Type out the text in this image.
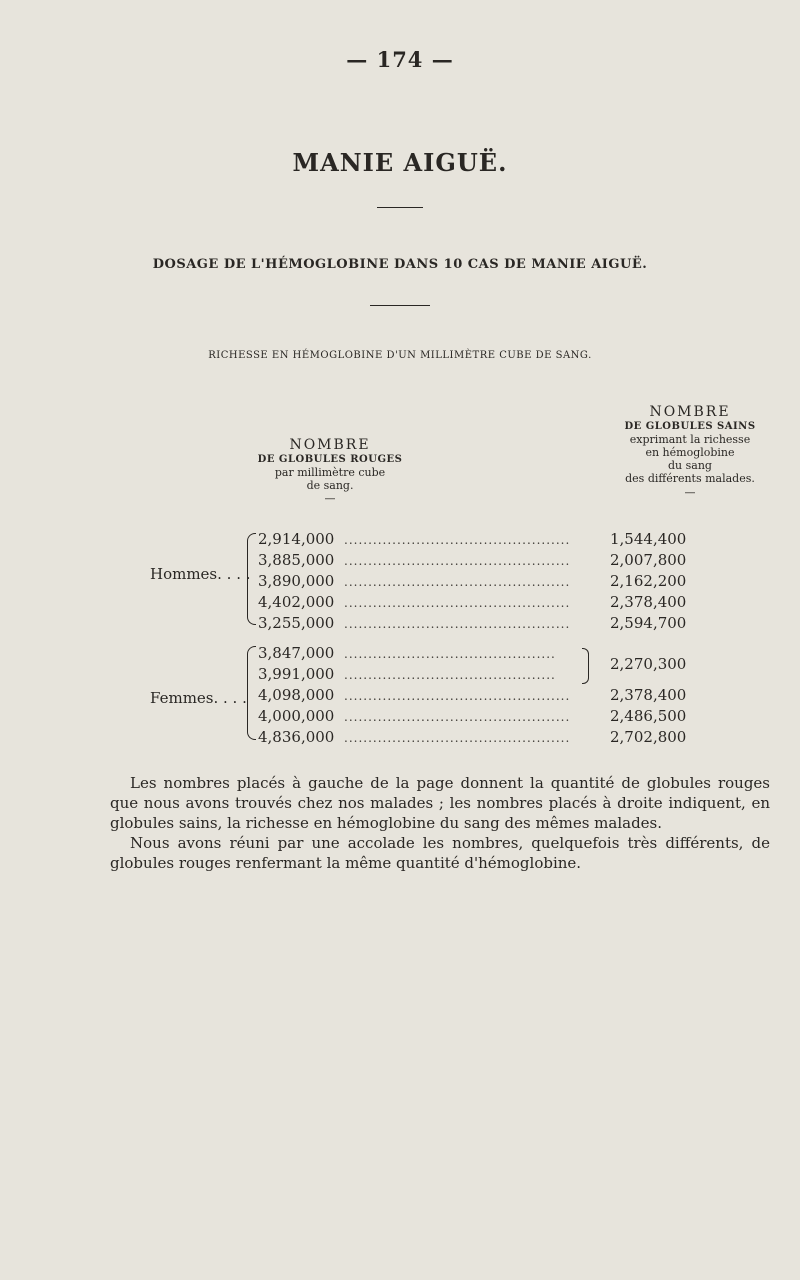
— 174 —
MANIE AIGUË.
DOSAGE DE L'HÉMOGLOBINE DANS 10 CAS DE MANIE AIGUË.
RICHESSE EN HÉMOGLOBINE D'UN MILLIMÈTRE CUBE DE SANG.
NOMBRE
DE GLOBULES ROUGES
par millimètre cube
de sang.
—
NOMBRE
DE GLOBULES SAINS
exprimant la richesse
en hémoglobine
du sang
des différents malades.
—
Hommes. . . .
2,914,000 ...............................................	1,544,400
3,885,000 ...............................................	2,007,800
3,890,000 ...............................................	2,162,200
4,402,000 ...............................................	2,378,400
3,255,000 ...............................................	2,594,700
Femmes. . . .
3,847,000 ............................................
3,991,000 ............................................
2,270,300
4,098,000 ...............................................	2,378,400
4,000,000 ...............................................	2,486,500
4,836,000 ...............................................	2,702,800
Les nombres placés à gauche de la page donnent la quantité de globules rouges que nous avons trouvés chez nos malades ; les nombres placés à droite indiquent, en globules sains, la richesse en hémoglobine du sang des mêmes malades.
Nous avons réuni par une accolade les nombres, quelquefois très différents, de globules rouges renfermant la même quantité d'hémoglobine.
